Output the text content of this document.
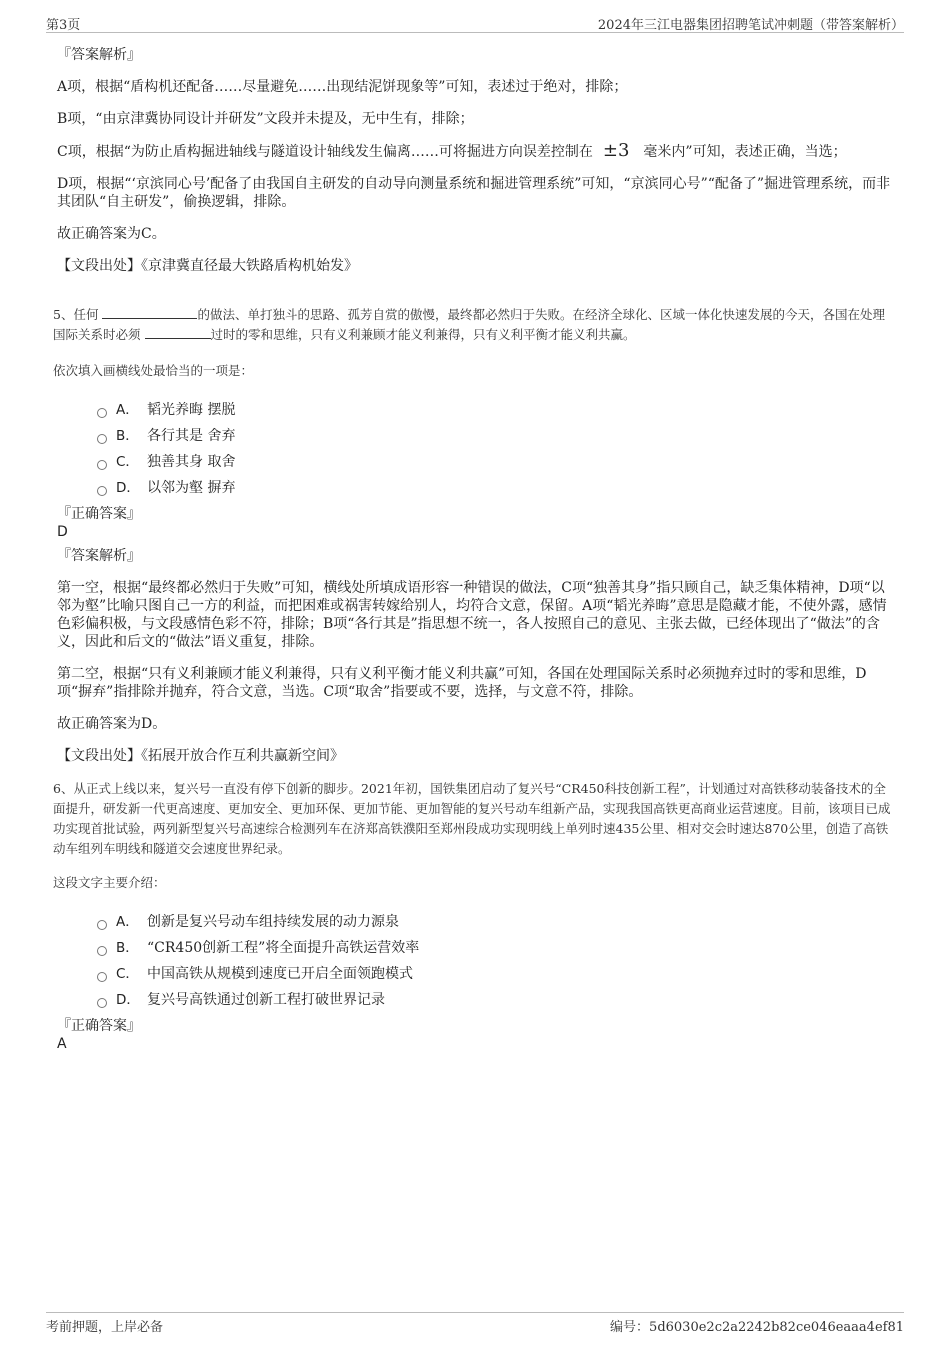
第3页	2024年三江电器集团招聘笔试冲刺题（带答案解析）

『答案解析』

A项，根据“盾构机还配备……尽量避免……出现结泥饼现象等”可知，表述过于绝对，排除；

B项，“由京津冀协同设计并研发”文段并未提及，无中生有，排除；

C项，根据“为防止盾构掘进轴线与隧道设计轴线发生偏离……可将掘进方向误差控制在 ±3 毫米内”可知，表述正确，当选；

D项，根据“‘京滨同心号’配备了由我国自主研发的自动导向测量系统和掘进管理系统”可知，“京滨同心号”“配备了”掘进管理系统，而非其团队“自主研发”，偷换逻辑，排除。

故正确答案为C。

【文段出处】《京津冀直径最大铁路盾构机始发》

5、任何	的做法、单打独斗的思路、孤芳自赏的傲慢，最终都必然归于失败。在经济全球化、区域一体化快速发展的今天，各国在处理国际关系时必须	过时的零和思维，只有义利兼顾才能义利兼得，只有义利平衡才能义利共赢。

依次填入画横线处最恰当的一项是：

A． 韬光养晦 摆脱
B． 各行其是 舍弃
C． 独善其身 取舍
D． 以邻为壑 摒弃

『正确答案』

D

『答案解析』

第一空，根据“最终都必然归于失败”可知，横线处所填成语形容一种错误的做法，C项“独善其身”指只顾自己，缺乏集体精神，D项“以邻为壑”比喻只图自己一方的利益，而把困难或祸害转嫁给别人，均符合文意，保留。A项“韬光养晦”意思是隐藏才能，不使外露，感情色彩偏积极，与文段感情色彩不符，排除；B项“各行其是”指思想不统一，各人按照自己的意见、主张去做，已经体现出了“做法”的含义，因此和后文的“做法”语义重复，排除。

第二空，根据“只有义利兼顾才能义利兼得，只有义利平衡才能义利共赢”可知，各国在处理国际关系时必须抛弃过时的零和思维，D项“摒弃”指排除并抛弃，符合文意，当选。C项“取舍”指要或不要，选择，与文意不符，排除。

故正确答案为D。

【文段出处】《拓展开放合作互利共赢新空间》

6、从正式上线以来，复兴号一直没有停下创新的脚步。2021年初，国铁集团启动了复兴号“CR450科技创新工程”，计划通过对高铁移动装备技术的全面提升，研发新一代更高速度、更加安全、更加环保、更加节能、更加智能的复兴号动车组新产品，实现我国高铁更高商业运营速度。目前，该项目已成功实现首批试验，两列新型复兴号高速综合检测列车在济郑高铁濮阳至郑州段成功实现明线上单列时速435公里、相对交会时速达870公里，创造了高铁动车组列车明线和隧道交会速度世界纪录。

这段文字主要介绍：

A． 创新是复兴号动车组持续发展的动力源泉
B． “CR450创新工程”将全面提升高铁运营效率
C． 中国高铁从规模到速度已开启全面领跑模式
D． 复兴号高铁通过创新工程打破世界记录

『正确答案』

A

考前押题，上岸必备	编号：5d6030e2c2a2242b82ce046eaaa4ef81
